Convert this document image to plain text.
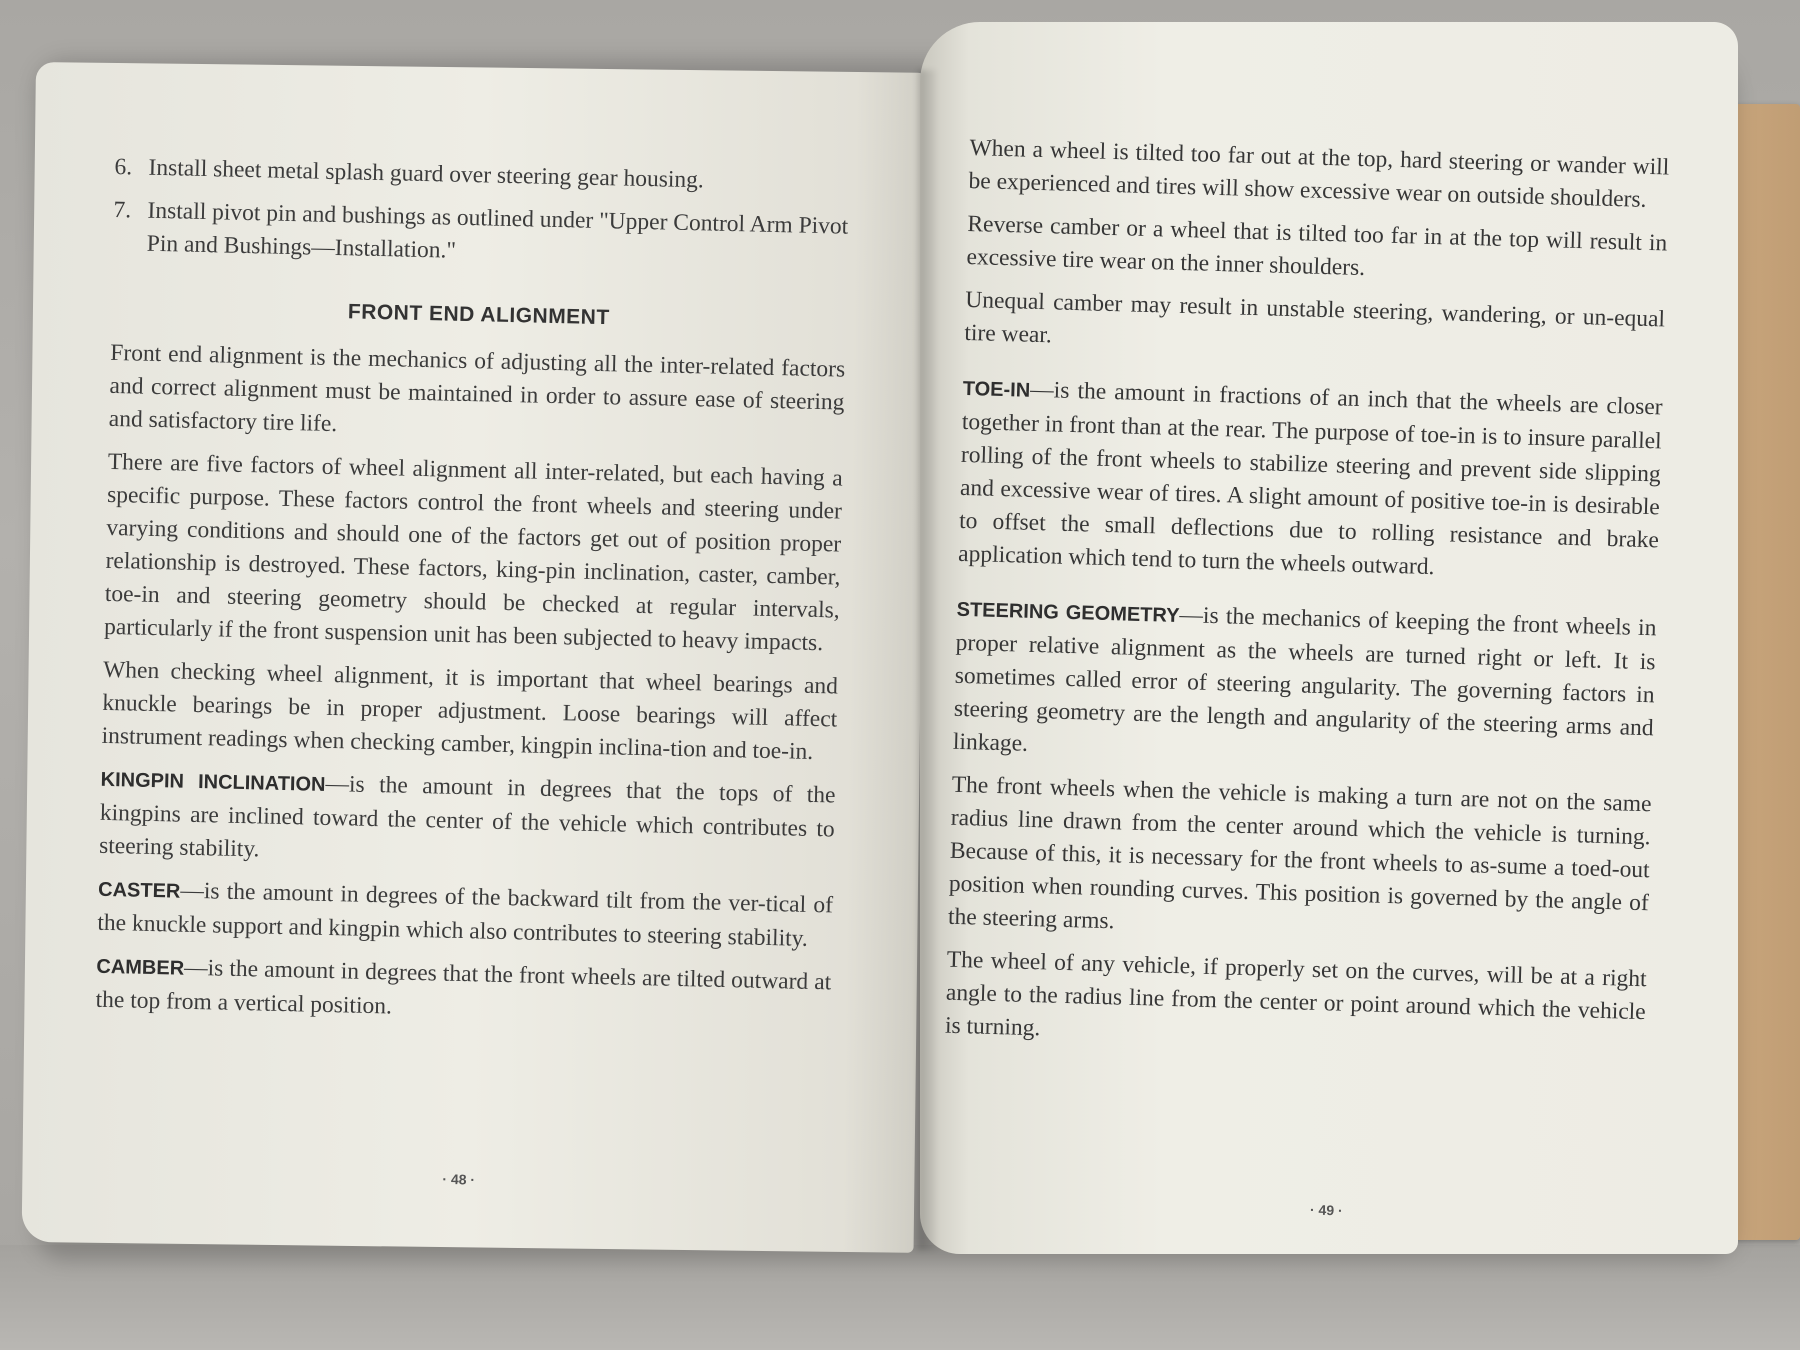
6. Install sheet metal splash guard over steering gear housing.
7. Install pivot pin and bushings as outlined under "Upper Control Arm Pivot Pin and Bushings—Installation."
FRONT END ALIGNMENT

Front end alignment is the mechanics of adjusting all the inter-related factors and correct alignment must be maintained in order to assure ease of steering and satisfactory tire life.

There are five factors of wheel alignment all inter-related, but each having a specific purpose. These factors control the front wheels and steering under varying conditions and should one of the factors get out of position proper relationship is destroyed. These factors, king-pin inclination, caster, camber, toe-in and steering geometry should be checked at regular intervals, particularly if the front suspension unit has been subjected to heavy impacts.

When checking wheel alignment, it is important that wheel bearings and knuckle bearings be in proper adjustment. Loose bearings will affect instrument readings when checking camber, kingpin inclina-tion and toe-in.

KINGPIN INCLINATION—is the amount in degrees that the tops of the kingpins are inclined toward the center of the vehicle which contributes to steering stability.

CASTER—is the amount in degrees of the backward tilt from the ver-tical of the knuckle support and kingpin which also contributes to steering stability.

CAMBER—is the amount in degrees that the front wheels are tilted outward at the top from a vertical position.

· 48 ·

When a wheel is tilted too far out at the top, hard steering or wander will be experienced and tires will show excessive wear on outside shoulders.

Reverse camber or a wheel that is tilted too far in at the top will result in excessive tire wear on the inner shoulders.

Unequal camber may result in unstable steering, wandering, or un-equal tire wear.

TOE-IN—is the amount in fractions of an inch that the wheels are closer together in front than at the rear. The purpose of toe-in is to insure parallel rolling of the front wheels to stabilize steering and prevent side slipping and excessive wear of tires. A slight amount of positive toe-in is desirable to offset the small deflections due to rolling resistance and brake application which tend to turn the wheels outward.

STEERING GEOMETRY—is the mechanics of keeping the front wheels in proper relative alignment as the wheels are turned right or left. It is sometimes called error of steering angularity. The governing factors in steering geometry are the length and angularity of the steering arms and linkage.

The front wheels when the vehicle is making a turn are not on the same radius line drawn from the center around which the vehicle is turning. Because of this, it is necessary for the front wheels to as-sume a toed-out position when rounding curves. This position is governed by the angle of the steering arms.

The wheel of any vehicle, if properly set on the curves, will be at a right angle to the radius line from the center or point around which the vehicle is turning.

· 49 ·
